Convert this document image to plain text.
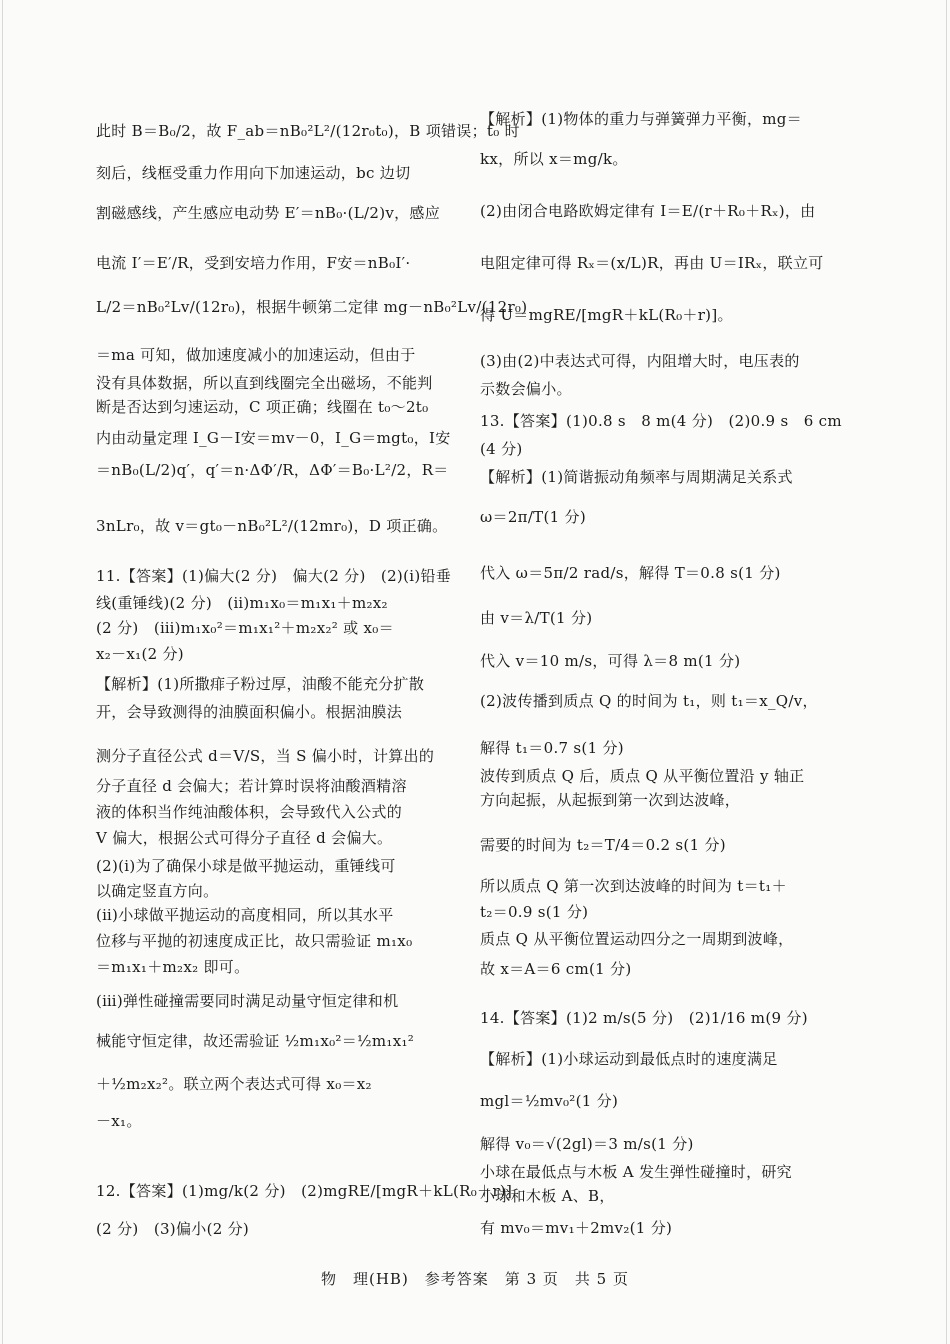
此时 B＝B₀/2，故 F_ab＝nB₀²L²/(12r₀t₀)，B 项错误；t₀ 时
刻后，线框受重力作用向下加速运动，bc 边切
割磁感线，产生感应电动势 E′＝nB₀·(L/2)v，感应
电流 I′＝E′/R，受到安培力作用，F安＝nB₀I′·
L/2＝nB₀²Lv/(12r₀)，根据牛顿第二定律 mg－nB₀²Lv/(12r₀)
＝ma 可知，做加速度减小的加速运动，但由于
没有具体数据，所以直到线圈完全出磁场，不能判
断是否达到匀速运动，C 项正确；线圈在 t₀～2t₀
内由动量定理 I_G－I安＝mv－0，I_G＝mgt₀，I安
＝nB₀(L/2)q′，q′＝n·ΔΦ′/R，ΔΦ′＝B₀·L²/2，R＝
3nLr₀，故 v＝gt₀－nB₀²L²/(12mr₀)，D 项正确。
11.【答案】(1)偏大(2 分)　偏大(2 分)　(2)(ⅰ)铅垂
线(重锤线)(2 分)　(ⅱ)m₁x₀＝m₁x₁＋m₂x₂
(2 分)　(ⅲ)m₁x₀²＝m₁x₁²＋m₂x₂² 或 x₀＝
x₂－x₁(2 分)
【解析】(1)所撒痱子粉过厚，油酸不能充分扩散
开，会导致测得的油膜面积偏小。根据油膜法
测分子直径公式 d＝V/S，当 S 偏小时，计算出的
分子直径 d 会偏大；若计算时误将油酸酒精溶
液的体积当作纯油酸体积，会导致代入公式的
V 偏大，根据公式可得分子直径 d 会偏大。
(2)(ⅰ)为了确保小球是做平抛运动，重锤线可
以确定竖直方向。
(ⅱ)小球做平抛运动的高度相同，所以其水平
位移与平抛的初速度成正比，故只需验证 m₁x₀
＝m₁x₁＋m₂x₂ 即可。
(ⅲ)弹性碰撞需要同时满足动量守恒定律和机
械能守恒定律，故还需验证 ½m₁x₀²＝½m₁x₁²
＋½m₂x₂²。联立两个表达式可得 x₀＝x₂
－x₁。
12.【答案】(1)mg/k(2 分)　(2)mgRE/[mgR＋kL(R₀＋r)]
(2 分)　(3)偏小(2 分)
【解析】(1)物体的重力与弹簧弹力平衡，mg＝
kx，所以 x＝mg/k。
(2)由闭合电路欧姆定律有 I＝E/(r＋R₀＋Rₓ)，由
电阻定律可得 Rₓ＝(x/L)R，再由 U＝IRₓ，联立可
得 U＝mgRE/[mgR＋kL(R₀＋r)]。
(3)由(2)中表达式可得，内阻增大时，电压表的
示数会偏小。
13.【答案】(1)0.8 s　8 m(4 分)　(2)0.9 s　6 cm
(4 分)
【解析】(1)简谐振动角频率与周期满足关系式
ω＝2π/T(1 分)
代入 ω＝5π/2 rad/s，解得 T＝0.8 s(1 分)
由 v＝λ/T(1 分)
代入 v＝10 m/s，可得 λ＝8 m(1 分)
(2)波传播到质点 Q 的时间为 t₁，则 t₁＝x_Q/v，
解得 t₁＝0.7 s(1 分)
波传到质点 Q 后，质点 Q 从平衡位置沿 y 轴正
方向起振，从起振到第一次到达波峰，
需要的时间为 t₂＝T/4＝0.2 s(1 分)
所以质点 Q 第一次到达波峰的时间为 t＝t₁＋
t₂＝0.9 s(1 分)
质点 Q 从平衡位置运动四分之一周期到波峰，
故 x＝A＝6 cm(1 分)
14.【答案】(1)2 m/s(5 分)　(2)1/16 m(9 分)
【解析】(1)小球运动到最低点时的速度满足
mgl＝½mv₀²(1 分)
解得 v₀＝√(2gl)＝3 m/s(1 分)
小球在最低点与木板 A 发生弹性碰撞时，研究
小球和木板 A、B，
有 mv₀＝mv₁＋2mv₂(1 分)
物　理(HB)　参考答案　第 3 页　共 5 页
